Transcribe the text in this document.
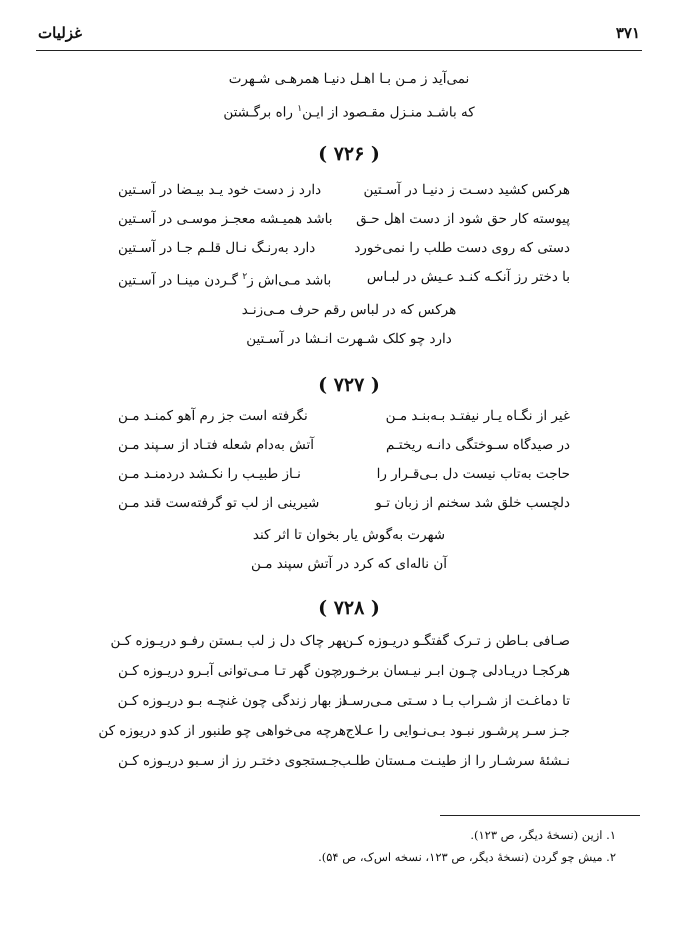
۳۷۱
غزلیات
نمی‌آید ز مـن بـا اهـل دنیـا همرهـی شـهرت
که باشـد منـزل مقـصود از ایـن$^۱$ راه برگـشتن
( ۷۲۶ )
هرکس کشید دسـت ز دنیـا در آسـتین
دارد ز دست خود یـد بیـضا در آسـتین
پیوسته کار حق شود از دست اهل حـق
باشد همیـشه معجـز موسـی در آسـتین
دستی که روی دست طلب را نمی‌خورد
دارد به‌رنـگ نـال قلـم جـا در آسـتین
با دختر رز آنکـه کنـد عـیش در لبـاس
باشد مـی‌اش ز$^۲$ گـردن مینـا در آسـتین
هرکس که در لباس رقم حرف مـی‌زنـد
دارد چو کلک شـهرت انـشا در آسـتین
( ۷۲۷ )
غیر از نگـاه یـار نیفتـد بـه‌بنـد مـن
نگرفته است جز رم آهو کمنـد مـن
در صیدگاه سـوختگی دانـه ریختـم
آتش به‌دام شعله فتـاد از سـپند مـن
حاجت به‌تاب نیست دل بـی‌قـرار را
نـاز طبیـب را نکـشد دردمنـد مـن
دلچسب خلق شد سخنم از زبان تـو
شیرینی از لب تو گرفته‌ست قند مـن
شهرت به‌گوش یار بخوان تا اثر کند
آن ناله‌ای که کرد در آتش سپند مـن
( ۷۲۸ )
صـافی بـاطن ز تـرک گفتگـو دریـوزه کـن
بهر چاک دل ز لب بـستن رفـو دریـوزه کـن
هرکجـا دریـادلی چـون ابـر نیـسان برخـورد
چون گهر تـا مـی‌توانی آبـرو دریـوزه کـن
تا دماغـت از شـراب بـا د سـتی مـی‌رسـد
از بهار زندگی چون غنچـه بـو دریـوزه کـن
جـز سـر پرشـور نبـود بـی‌نـوایی را عـلاج
هرچه می‌خواهی چو طنبور از کدو دریوزه کن
نـشئهٔ سرشـار را از طینـت مـستان طلـب
جـستجوی دختـر رز از سـبو دریـوزه کـن
۱. ازین (نسخهٔ دیگر، ص ۱۲۳).
۲. میش چو گردن (نسخهٔ دیگر، ص ۱۲۳، نسخه اس‌ک، ص ۵۴).
